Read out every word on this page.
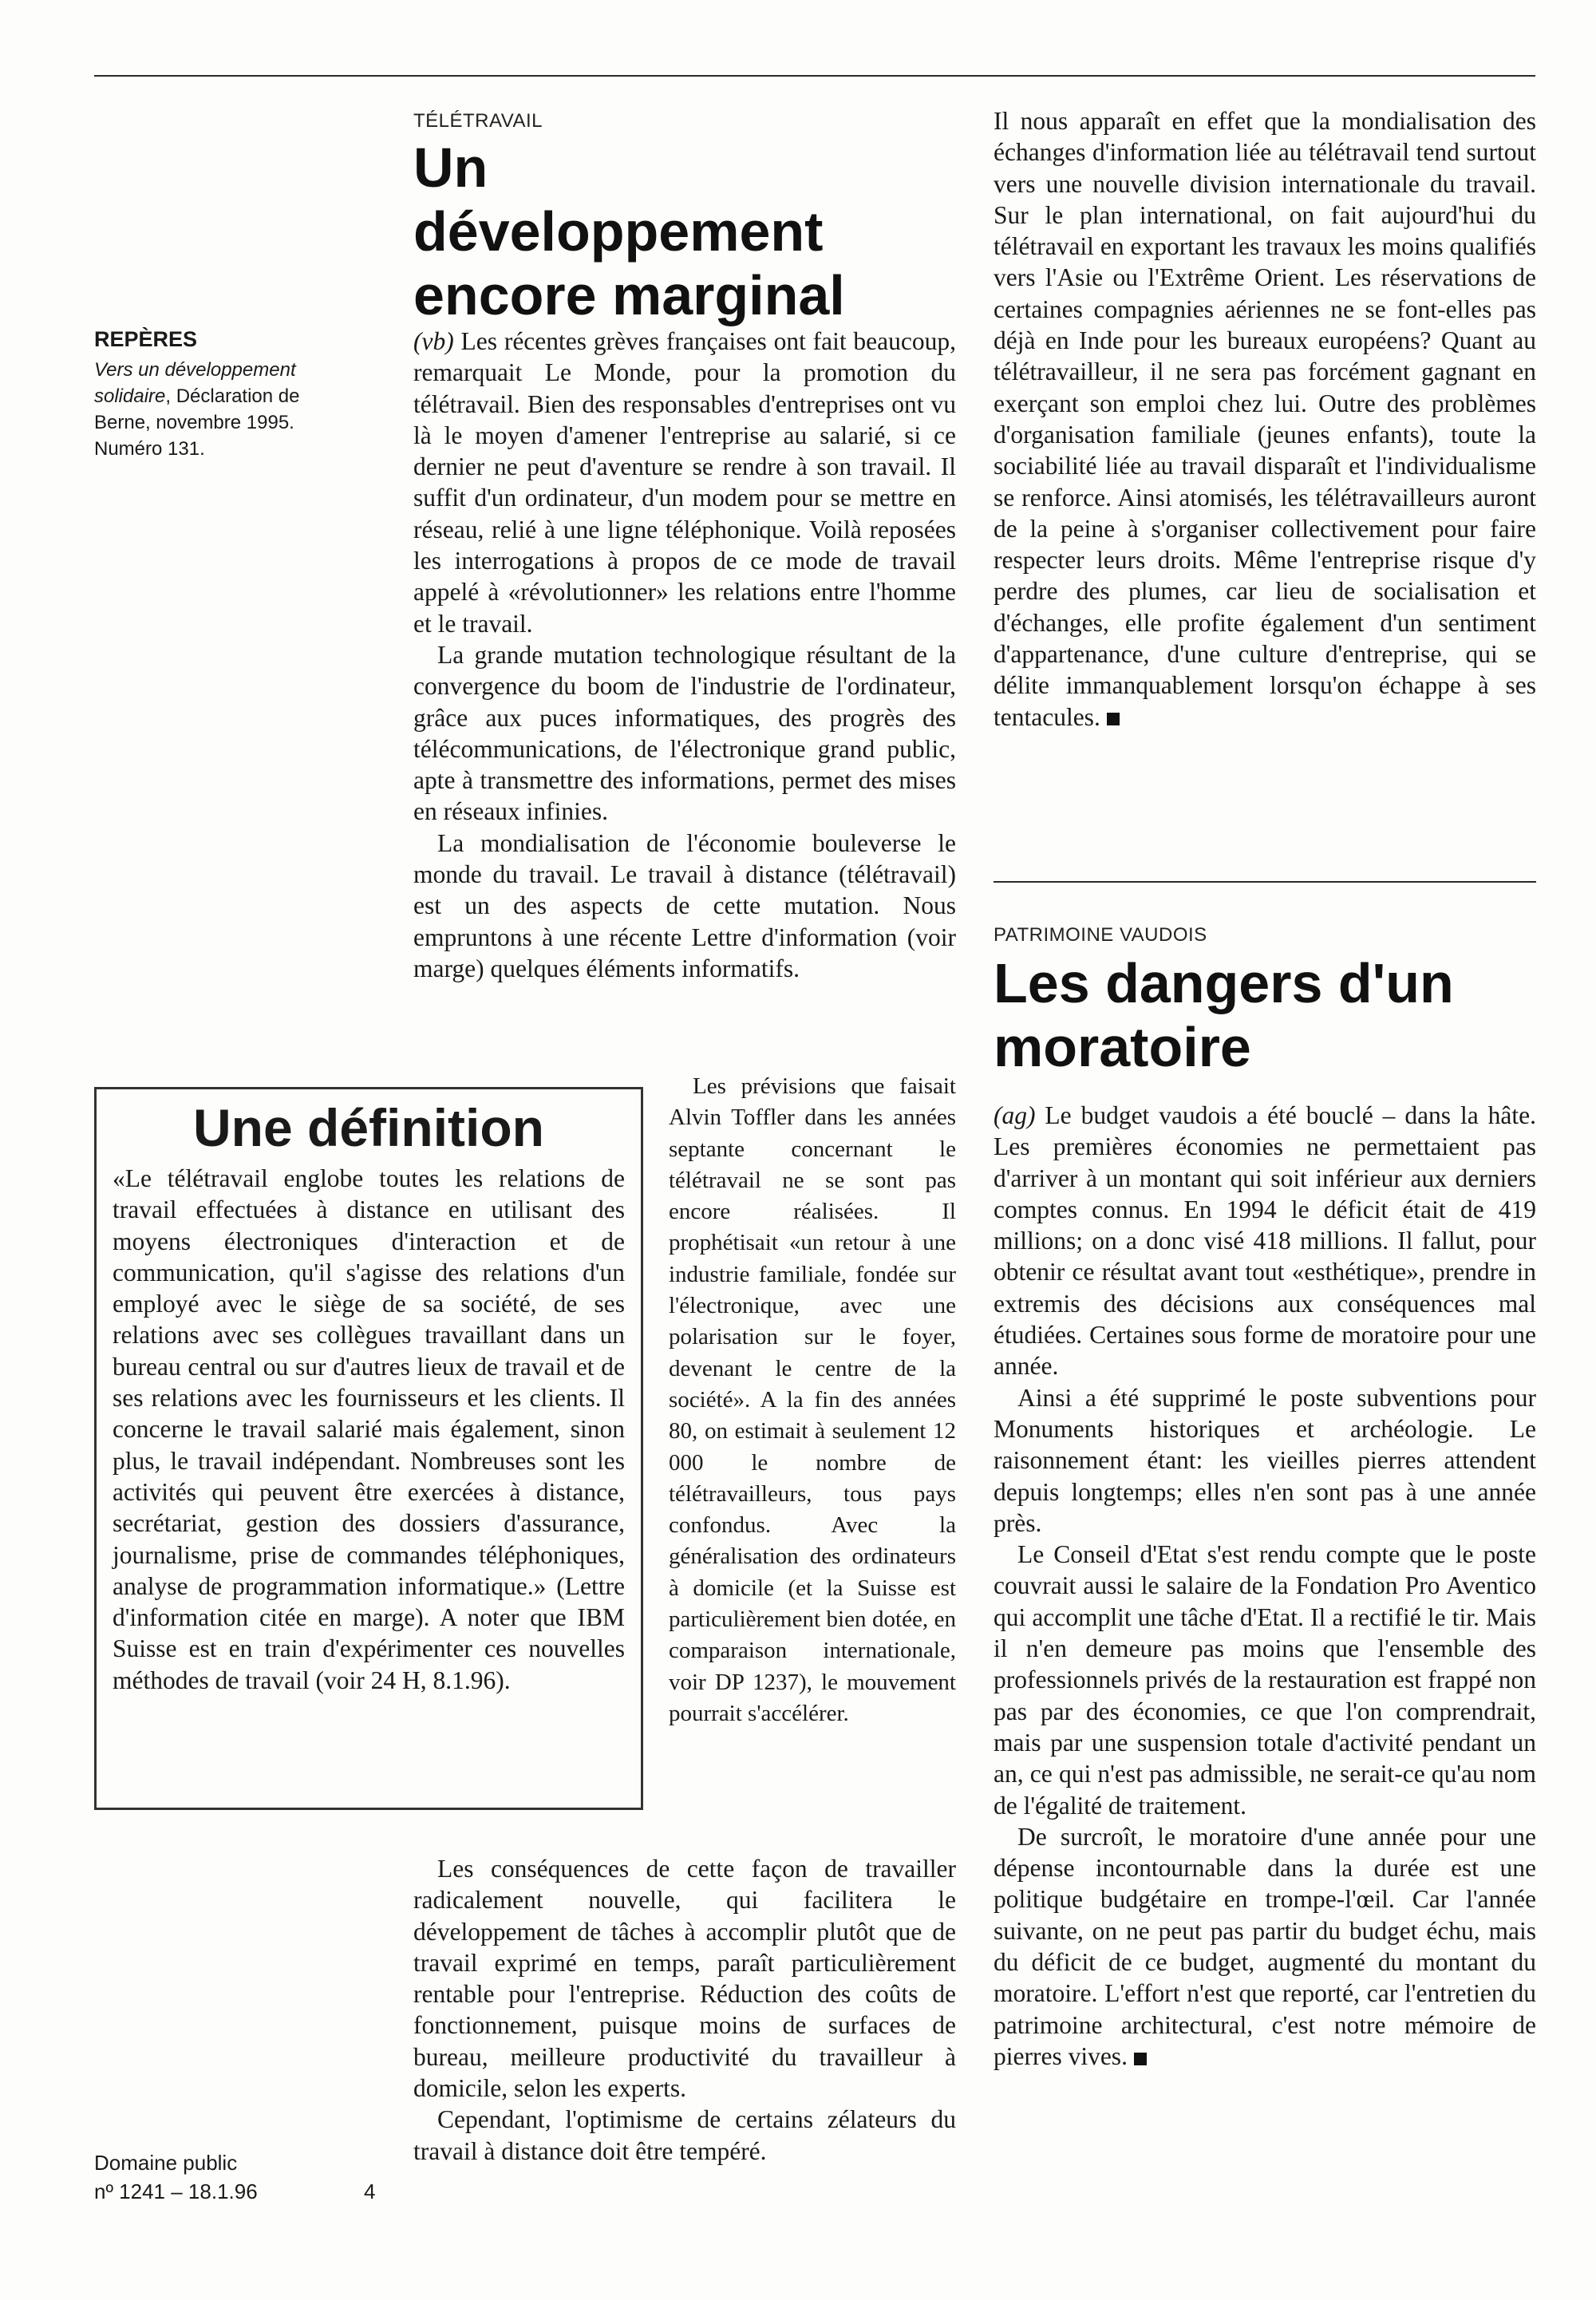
REPÈRES
Vers un développement solidaire, Déclaration de Berne, novembre 1995. Numéro 131.
TÉLÉTRAVAIL
Un développement encore marginal

(vb) Les récentes grèves françaises ont fait beaucoup, remarquait Le Monde, pour la promotion du télétravail. Bien des responsables d'entreprises ont vu là le moyen d'amener l'entreprise au salarié, si ce dernier ne peut d'aventure se rendre à son travail. Il suffit d'un ordinateur, d'un modem pour se mettre en réseau, relié à une ligne téléphonique. Voilà reposées les interrogations à propos de ce mode de travail appelé à «révolutionner» les relations entre l'homme et le travail.

La grande mutation technologique résultant de la convergence du boom de l'industrie de l'ordinateur, grâce aux puces informatiques, des progrès des télécommunications, de l'électronique grand public, apte à transmettre des informations, permet des mises en réseaux infinies.

La mondialisation de l'économie bouleverse le monde du travail. Le travail à distance (télétravail) est un des aspects de cette mutation. Nous empruntons à une récente Lettre d'information (voir marge) quelques éléments informatifs.

Les prévisions que faisait Alvin Toffler dans les années septante concernant le télétravail ne se sont pas encore réalisées. Il prophétisait «un retour à une industrie familiale, fondée sur l'électronique, avec une polarisation sur le foyer, devenant le centre de la société». A la fin des années 80, on estimait à seulement 12 000 le nombre de télétravailleurs, tous pays confondus. Avec la généralisation des ordinateurs à domicile (et la Suisse est particulièrement bien dotée, en comparaison internationale, voir DP 1237), le mouvement pourrait s'accélérer.

Une définition
«Le télétravail englobe toutes les relations de travail effectuées à distance en utilisant des moyens électroniques d'interaction et de communication, qu'il s'agisse des relations d'un employé avec le siège de sa société, de ses relations avec ses collègues travaillant dans un bureau central ou sur d'autres lieux de travail et de ses relations avec les fournisseurs et les clients. Il concerne le travail salarié mais également, sinon plus, le travail indépendant. Nombreuses sont les activités qui peuvent être exercées à distance, secrétariat, gestion des dossiers d'assurance, journalisme, prise de commandes téléphoniques, analyse de programmation informatique.» (Lettre d'information citée en marge). A noter que IBM Suisse est en train d'expérimenter ces nouvelles méthodes de travail (voir 24 H, 8.1.96).

Les conséquences de cette façon de travailler radicalement nouvelle, qui facilitera le développement de tâches à accomplir plutôt que de travail exprimé en temps, paraît particulièrement rentable pour l'entreprise. Réduction des coûts de fonctionnement, puisque moins de surfaces de bureau, meilleure productivité du travailleur à domicile, selon les experts.

Cependant, l'optimisme de certains zélateurs du travail à distance doit être tempéré.

Il nous apparaît en effet que la mondialisation des échanges d'information liée au télétravail tend surtout vers une nouvelle division internationale du travail. Sur le plan international, on fait aujourd'hui du télétravail en exportant les travaux les moins qualifiés vers l'Asie ou l'Extrême Orient. Les réservations de certaines compagnies aériennes ne se font-elles pas déjà en Inde pour les bureaux européens? Quant au télétravailleur, il ne sera pas forcément gagnant en exerçant son emploi chez lui. Outre des problèmes d'organisation familiale (jeunes enfants), toute la sociabilité liée au travail disparaît et l'individualisme se renforce. Ainsi atomisés, les télétravailleurs auront de la peine à s'organiser collectivement pour faire respecter leurs droits. Même l'entreprise risque d'y perdre des plumes, car lieu de socialisation et d'échanges, elle profite également d'un sentiment d'appartenance, d'une culture d'entreprise, qui se délite immanquablement lorsqu'on échappe à ses tentacules.

PATRIMOINE VAUDOIS
Les dangers d'un moratoire

(ag) Le budget vaudois a été bouclé – dans la hâte. Les premières économies ne permettaient pas d'arriver à un montant qui soit inférieur aux derniers comptes connus. En 1994 le déficit était de 419 millions; on a donc visé 418 millions. Il fallut, pour obtenir ce résultat avant tout «esthétique», prendre in extremis des décisions aux conséquences mal étudiées. Certaines sous forme de moratoire pour une année.

Ainsi a été supprimé le poste subventions pour Monuments historiques et archéologie. Le raisonnement étant: les vieilles pierres attendent depuis longtemps; elles n'en sont pas à une année près.

Le Conseil d'Etat s'est rendu compte que le poste couvrait aussi le salaire de la Fondation Pro Aventico qui accomplit une tâche d'Etat. Il a rectifié le tir. Mais il n'en demeure pas moins que l'ensemble des professionnels privés de la restauration est frappé non pas par des économies, ce que l'on comprendrait, mais par une suspension totale d'activité pendant un an, ce qui n'est pas admissible, ne serait-ce qu'au nom de l'égalité de traitement.

De surcroît, le moratoire d'une année pour une dépense incontournable dans la durée est une politique budgétaire en trompe-l'œil. Car l'année suivante, on ne peut pas partir du budget échu, mais du déficit de ce budget, augmenté du montant du moratoire. L'effort n'est que reporté, car l'entretien du patrimoine architectural, c'est notre mémoire de pierres vives.

Domaine public
nº 1241 – 18.1.96	4
